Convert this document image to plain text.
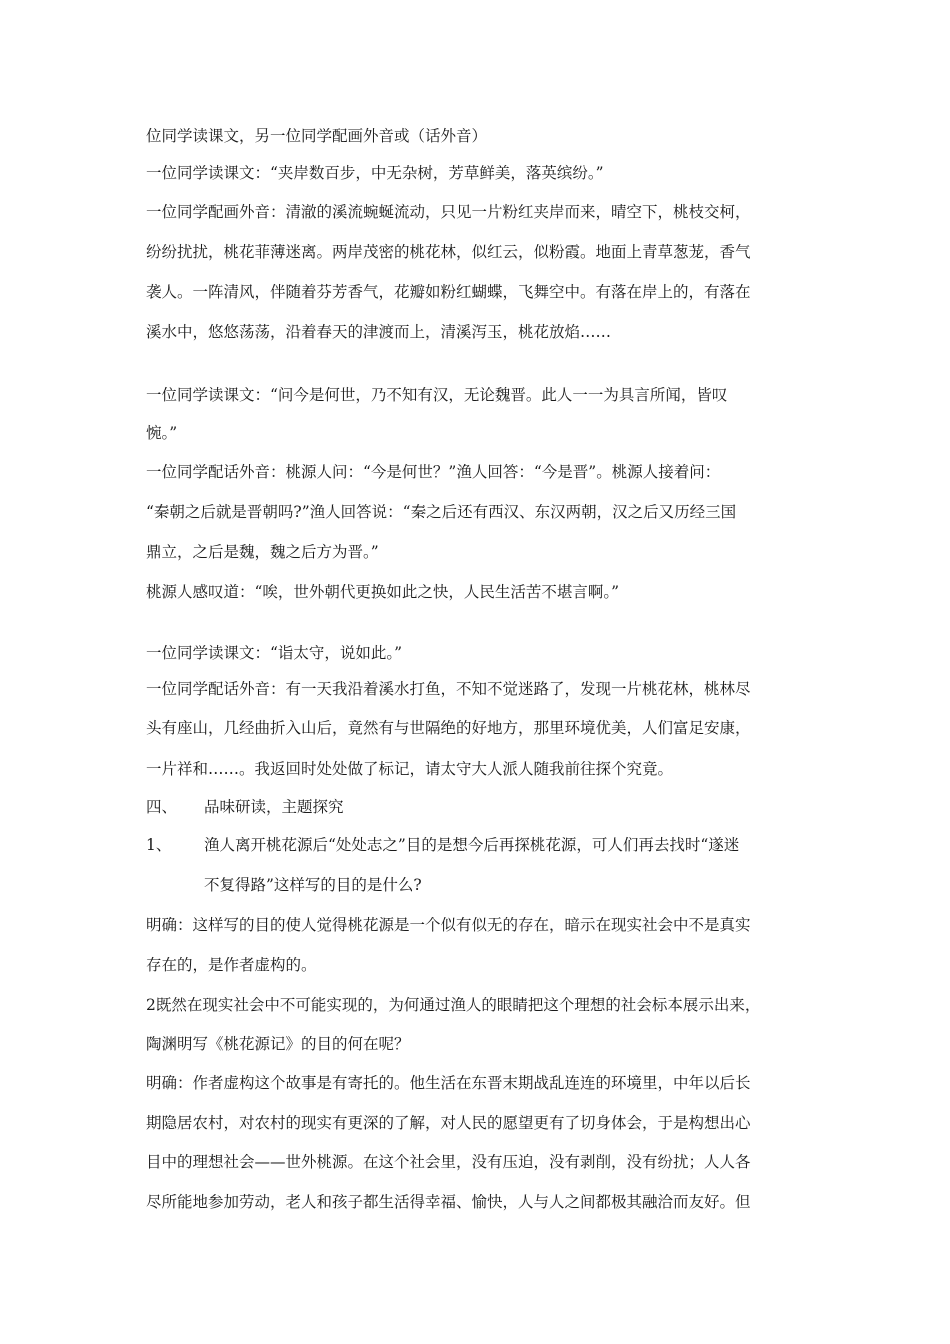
位同学读课文，另一位同学配画外音或（话外音）
一位同学读课文：“夹岸数百步，中无杂树，芳草鲜美，落英缤纷。”
一位同学配画外音：清澈的溪流蜿蜒流动，只见一片粉红夹岸而来，晴空下，桃枝交柯，
纷纷扰扰，桃花菲薄迷离。两岸茂密的桃花林，似红云，似粉霞。地面上青草葱茏，香气
袭人。一阵清风，伴随着芬芳香气，花瓣如粉红蝴蝶，飞舞空中。有落在岸上的，有落在
溪水中，悠悠荡荡，沿着春天的津渡而上，清溪泻玉，桃花放焰……
一位同学读课文：“问今是何世，乃不知有汉，无论魏晋。此人一一为具言所闻，皆叹
惋。”
一位同学配话外音：桃源人问：“今是何世？”渔人回答：“今是晋”。桃源人接着问：
“秦朝之后就是晋朝吗?”渔人回答说：“秦之后还有西汉、东汉两朝，汉之后又历经三国
鼎立，之后是魏，魏之后方为晋。”
桃源人感叹道：“唉，世外朝代更换如此之快，人民生活苦不堪言啊。”
一位同学读课文：“诣太守，说如此。”
一位同学配话外音：有一天我沿着溪水打鱼，不知不觉迷路了，发现一片桃花林，桃林尽
头有座山，几经曲折入山后，竟然有与世隔绝的好地方，那里环境优美，人们富足安康，
一片祥和……。我返回时处处做了标记，请太守大人派人随我前往探个究竟。
四、 品味研读，主题探究
1、 渔人离开桃花源后“处处志之”目的是想今后再探桃花源，可人们再去找时“遂迷
不复得路”这样写的目的是什么?
明确：这样写的目的使人觉得桃花源是一个似有似无的存在，暗示在现实社会中不是真实
存在的，是作者虚构的。
2既然在现实社会中不可能实现的，为何通过渔人的眼睛把这个理想的社会标本展示出来，
陶渊明写《桃花源记》的目的何在呢？
明确：作者虚构这个故事是有寄托的。他生活在东晋末期战乱连连的环境里，中年以后长
期隐居农村，对农村的现实有更深的了解，对人民的愿望更有了切身体会，于是构想出心
目中的理想社会——世外桃源。在这个社会里，没有压迫，没有剥削，没有纷扰；人人各
尽所能地参加劳动，老人和孩子都生活得幸福、愉快，人与人之间都极其融洽而友好。但
